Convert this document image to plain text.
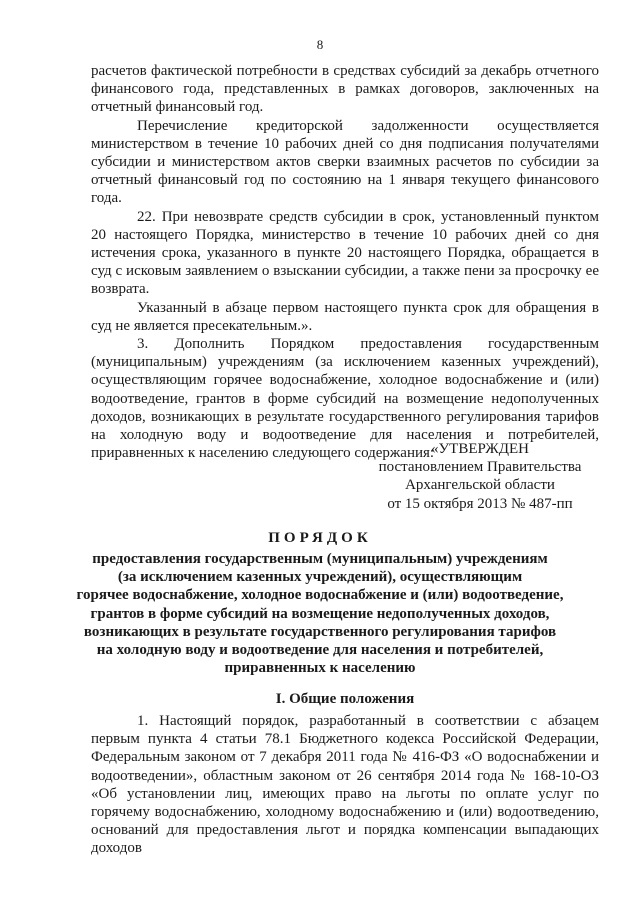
8

расчетов фактической потребности в средствах субсидий за декабрь отчетного финансового года, представленных в рамках договоров, заключенных на отчетный финансовый год.

Перечисление кредиторской задолженности осуществляется министерством в течение 10 рабочих дней со дня подписания получателями субсидии и министерством актов сверки взаимных расчетов по субсидии за отчетный финансовый год по состоянию на 1 января текущего финансового года.

22. При невозврате средств субсидии в срок, установленный пунктом 20 настоящего Порядка, министерство в течение 10 рабочих дней со дня истечения срока, указанного в пункте 20 настоящего Порядка, обращается в суд с исковым заявлением о взыскании субсидии, а также пени за просрочку ее возврата.

Указанный в абзаце первом настоящего пункта срок для обращения в суд не является пресекательным.».

3. Дополнить Порядком предоставления государственным (муниципальным) учреждениям (за исключением казенных учреждений), осуществляющим горячее водоснабжение, холодное водоснабжение и (или) водоотведение, грантов в форме субсидий на возмещение недополученных доходов, возникающих в результате государственного регулирования тарифов на холодную воду и водоотведение для населения и потребителей, приравненных к населению следующего содержания:

«УТВЕРЖДЕН
постановлением Правительства
Архангельской области
от 15 октября 2013 № 487-пп
ПОРЯДОК
предоставления государственным (муниципальным) учреждениям
(за исключением казенных учреждений), осуществляющим
горячее водоснабжение, холодное водоснабжение и (или) водоотведение,
грантов в форме субсидий на возмещение недополученных доходов,
возникающих в результате государственного регулирования тарифов
на холодную воду и водоотведение для населения и потребителей,
приравненных к населению
I. Общие положения

1. Настоящий порядок, разработанный в соответствии с абзацем первым пункта 4 статьи 78.1 Бюджетного кодекса Российской Федерации, Федеральным законом от 7 декабря 2011 года № 416-ФЗ «О водоснабжении и водоотведении», областным законом от 26 сентября 2014 года № 168-10-ОЗ «Об установлении лиц, имеющих право на льготы по оплате услуг по горячему водоснабжению, холодному водоснабжению и (или) водоотведению, оснований для предоставления льгот и порядка компенсации выпадающих доходов
